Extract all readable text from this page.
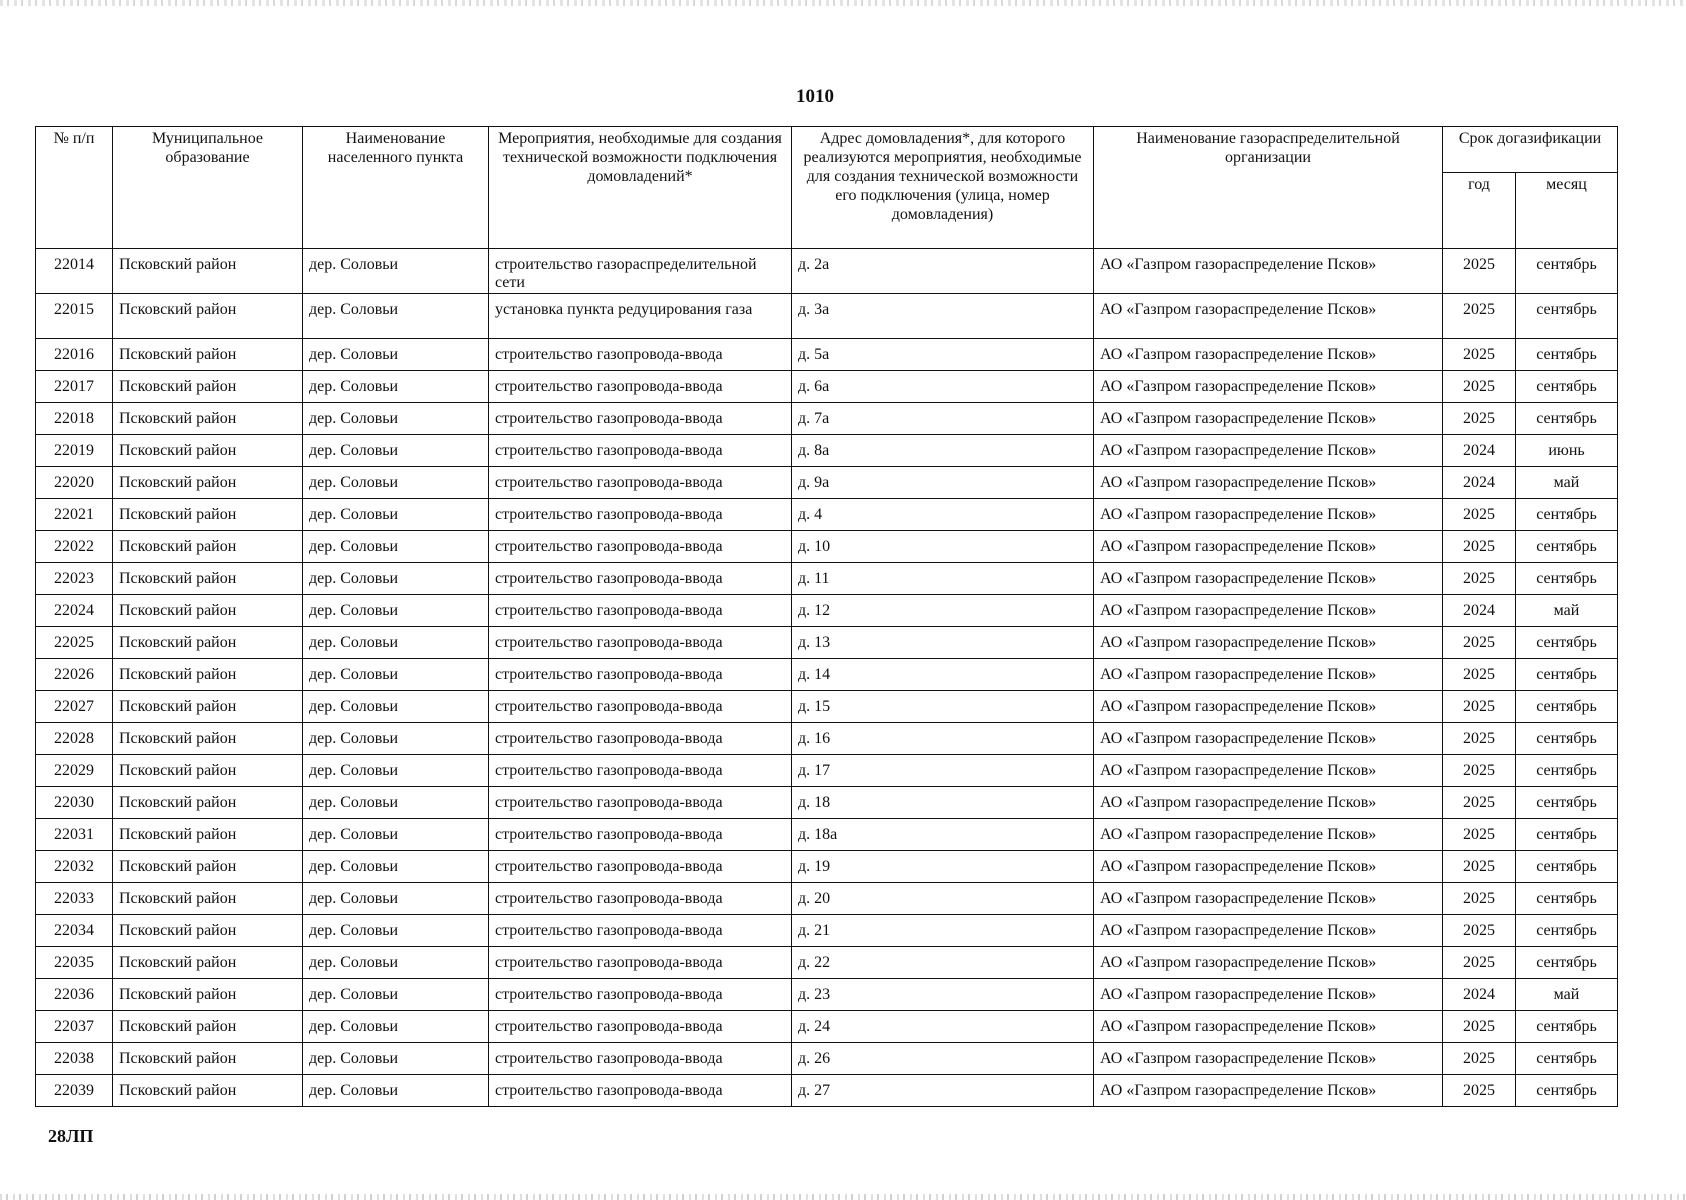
1010
№ п/п	Муниципальное образование	Наименование населенного пункта	Мероприятия, необходимые для создания технической возможности подключения домовладений*	Адрес домовладения*, для которого реализуются мероприятия, необходимые для создания технической возможности его подключения (улица, номер домовладения)	Наименование газораспределительной организации	Срок догазификации	
						год	месяц
22014	Псковский район	дер. Соловьи	строительство газораспределительной сети	д. 2а	АО «Газпром газораспределение Псков»	2025	сентябрь
22015	Псковский район	дер. Соловьи	установка пункта редуцирования газа	д. 3а	АО «Газпром газораспределение Псков»	2025	сентябрь
22016	Псковский район	дер. Соловьи	строительство газопровода-ввода	д. 5а	АО «Газпром газораспределение Псков»	2025	сентябрь
22017	Псковский район	дер. Соловьи	строительство газопровода-ввода	д. 6а	АО «Газпром газораспределение Псков»	2025	сентябрь
22018	Псковский район	дер. Соловьи	строительство газопровода-ввода	д. 7а	АО «Газпром газораспределение Псков»	2025	сентябрь
22019	Псковский район	дер. Соловьи	строительство газопровода-ввода	д. 8а	АО «Газпром газораспределение Псков»	2024	июнь
22020	Псковский район	дер. Соловьи	строительство газопровода-ввода	д. 9а	АО «Газпром газораспределение Псков»	2024	май
22021	Псковский район	дер. Соловьи	строительство газопровода-ввода	д. 4	АО «Газпром газораспределение Псков»	2025	сентябрь
22022	Псковский район	дер. Соловьи	строительство газопровода-ввода	д. 10	АО «Газпром газораспределение Псков»	2025	сентябрь
22023	Псковский район	дер. Соловьи	строительство газопровода-ввода	д. 11	АО «Газпром газораспределение Псков»	2025	сентябрь
22024	Псковский район	дер. Соловьи	строительство газопровода-ввода	д. 12	АО «Газпром газораспределение Псков»	2024	май
22025	Псковский район	дер. Соловьи	строительство газопровода-ввода	д. 13	АО «Газпром газораспределение Псков»	2025	сентябрь
22026	Псковский район	дер. Соловьи	строительство газопровода-ввода	д. 14	АО «Газпром газораспределение Псков»	2025	сентябрь
22027	Псковский район	дер. Соловьи	строительство газопровода-ввода	д. 15	АО «Газпром газораспределение Псков»	2025	сентябрь
22028	Псковский район	дер. Соловьи	строительство газопровода-ввода	д. 16	АО «Газпром газораспределение Псков»	2025	сентябрь
22029	Псковский район	дер. Соловьи	строительство газопровода-ввода	д. 17	АО «Газпром газораспределение Псков»	2025	сентябрь
22030	Псковский район	дер. Соловьи	строительство газопровода-ввода	д. 18	АО «Газпром газораспределение Псков»	2025	сентябрь
22031	Псковский район	дер. Соловьи	строительство газопровода-ввода	д. 18а	АО «Газпром газораспределение Псков»	2025	сентябрь
22032	Псковский район	дер. Соловьи	строительство газопровода-ввода	д. 19	АО «Газпром газораспределение Псков»	2025	сентябрь
22033	Псковский район	дер. Соловьи	строительство газопровода-ввода	д. 20	АО «Газпром газораспределение Псков»	2025	сентябрь
22034	Псковский район	дер. Соловьи	строительство газопровода-ввода	д. 21	АО «Газпром газораспределение Псков»	2025	сентябрь
22035	Псковский район	дер. Соловьи	строительство газопровода-ввода	д. 22	АО «Газпром газораспределение Псков»	2025	сентябрь
22036	Псковский район	дер. Соловьи	строительство газопровода-ввода	д. 23	АО «Газпром газораспределение Псков»	2024	май
22037	Псковский район	дер. Соловьи	строительство газопровода-ввода	д. 24	АО «Газпром газораспределение Псков»	2025	сентябрь
22038	Псковский район	дер. Соловьи	строительство газопровода-ввода	д. 26	АО «Газпром газораспределение Псков»	2025	сентябрь
22039	Псковский район	дер. Соловьи	строительство газопровода-ввода	д. 27	АО «Газпром газораспределение Псков»	2025	сентябрь
28ЛП
